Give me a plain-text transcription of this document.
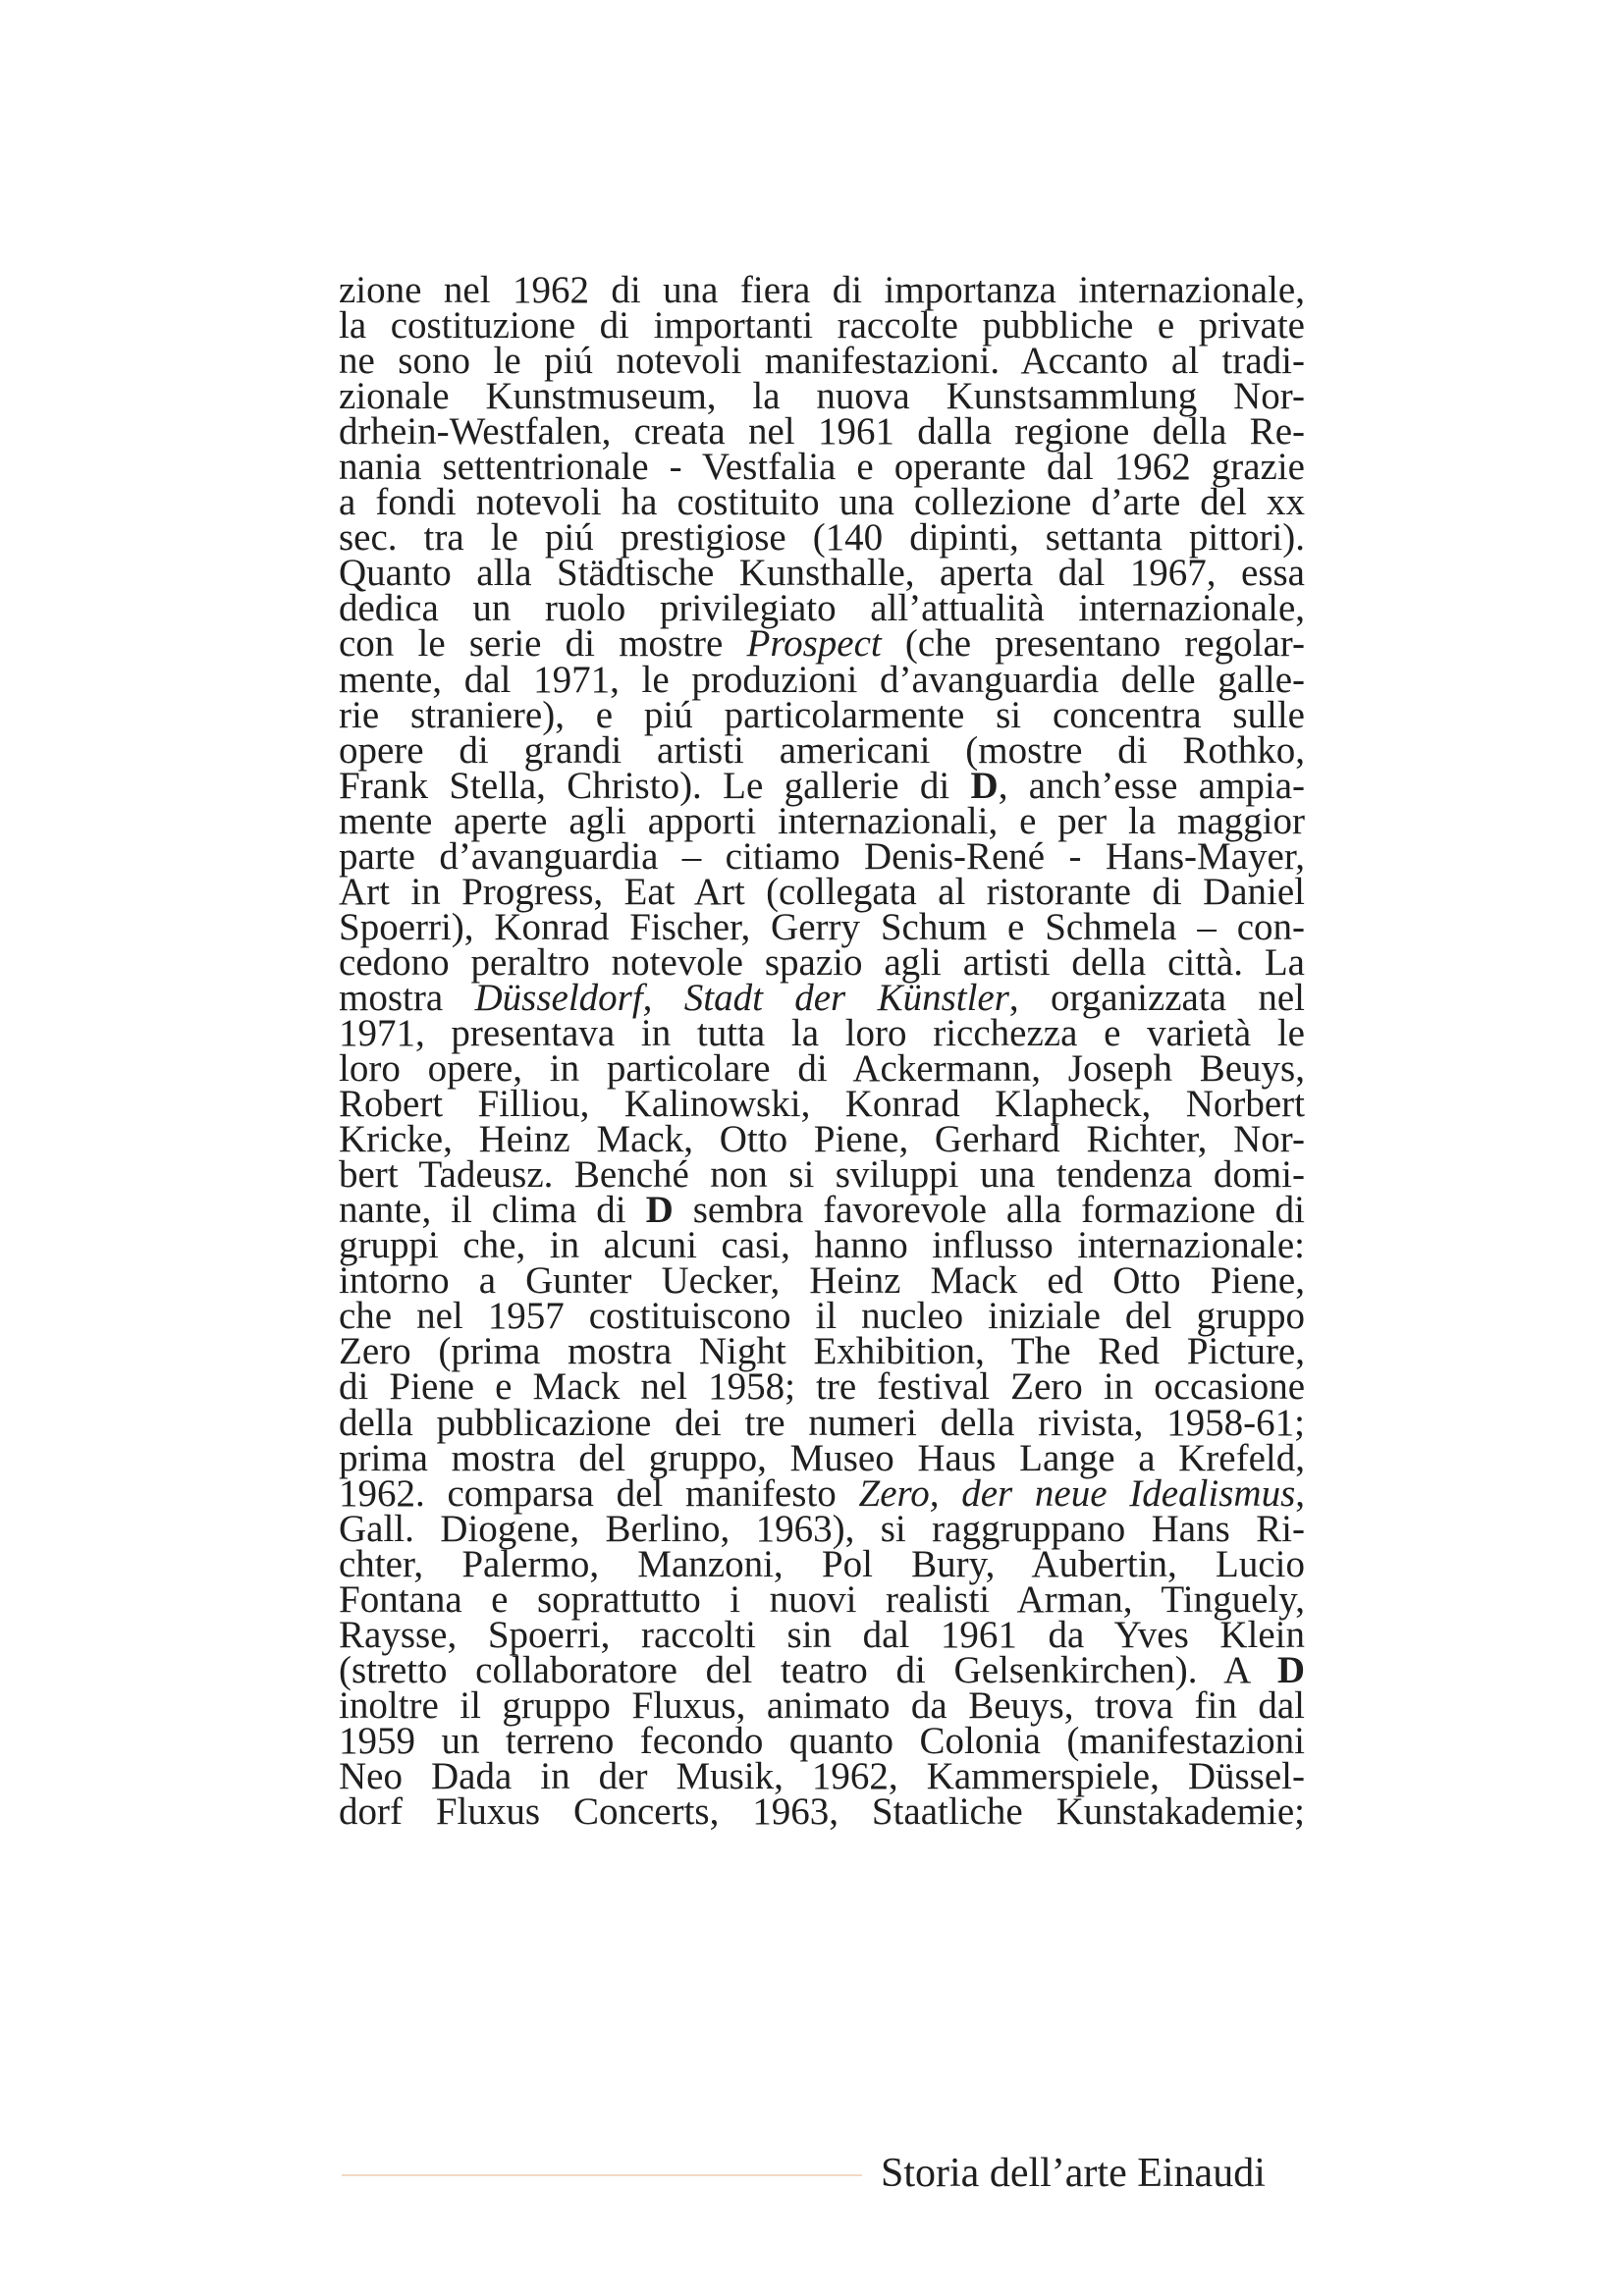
zione nel 1962 di una fiera di importanza internazionale,
la costituzione di importanti raccolte pubbliche e private
ne sono le piú notevoli manifestazioni. Accanto al tradi-
zionale Kunstmuseum, la nuova Kunstsammlung Nor-
drhein-Westfalen, creata nel 1961 dalla regione della Re-
nania settentrionale - Vestfalia e operante dal 1962 grazie
a fondi notevoli ha costituito una collezione d’arte del xx
sec. tra le piú prestigiose (140 dipinti, settanta pittori).
Quanto alla Städtische Kunsthalle, aperta dal 1967, essa
dedica un ruolo privilegiato all’attualità internazionale,
con le serie di mostre Prospect (che presentano regolar-
mente, dal 1971, le produzioni d’avanguardia delle galle-
rie straniere), e piú particolarmente si concentra sulle
opere di grandi artisti americani (mostre di Rothko,
Frank Stella, Christo). Le gallerie di D, anch’esse ampia-
mente aperte agli apporti internazionali, e per la maggior
parte d’avanguardia – citiamo Denis-René - Hans-Mayer,
Art in Progress, Eat Art (collegata al ristorante di Daniel
Spoerri), Konrad Fischer, Gerry Schum e Schmela – con-
cedono peraltro notevole spazio agli artisti della città. La
mostra Düsseldorf, Stadt der Künstler, organizzata nel
1971, presentava in tutta la loro ricchezza e varietà le
loro opere, in particolare di Ackermann, Joseph Beuys,
Robert Filliou, Kalinowski, Konrad Klapheck, Norbert
Kricke, Heinz Mack, Otto Piene, Gerhard Richter, Nor-
bert Tadeusz. Benché non si sviluppi una tendenza domi-
nante, il clima di D sembra favorevole alla formazione di
gruppi che, in alcuni casi, hanno influsso internazionale:
intorno a Gunter Uecker, Heinz Mack ed Otto Piene,
che nel 1957 costituiscono il nucleo iniziale del gruppo
Zero (prima mostra Night Exhibition, The Red Picture,
di Piene e Mack nel 1958; tre festival Zero in occasione
della pubblicazione dei tre numeri della rivista, 1958-61;
prima mostra del gruppo, Museo Haus Lange a Krefeld,
1962. comparsa del manifesto Zero, der neue Idealismus,
Gall. Diogene, Berlino, 1963), si raggruppano Hans Ri-
chter, Palermo, Manzoni, Pol Bury, Aubertin, Lucio
Fontana e soprattutto i nuovi realisti Arman, Tinguely,
Raysse, Spoerri, raccolti sin dal 1961 da Yves Klein
(stretto collaboratore del teatro di Gelsenkirchen). A D
inoltre il gruppo Fluxus, animato da Beuys, trova fin dal
1959 un terreno fecondo quanto Colonia (manifestazioni
Neo Dada in der Musik, 1962, Kammerspiele, Düssel-
dorf Fluxus Concerts, 1963, Staatliche Kunstakademie;
Storia dell’arte Einaudi
